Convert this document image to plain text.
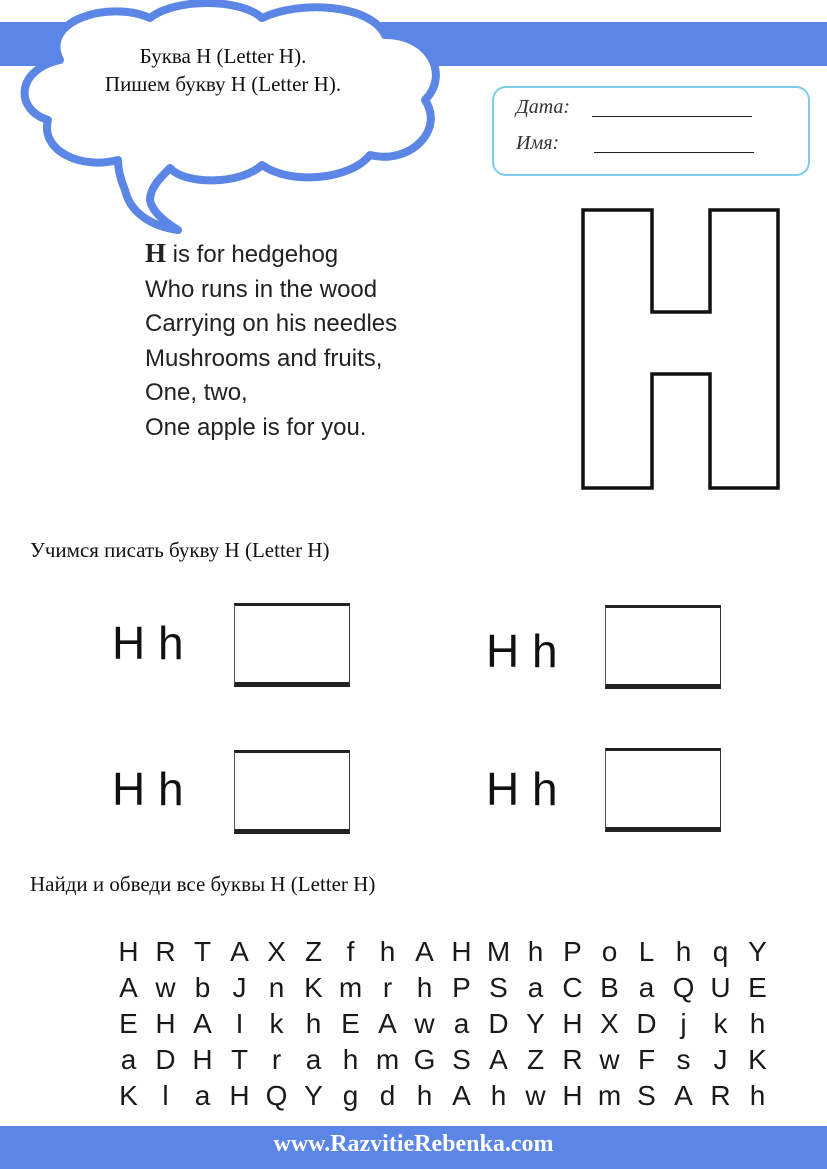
Буква H (Letter H).
Пишем букву H (Letter H).
Дата:
Имя:
H is for hedgehog
Who runs in the wood
Carrying on his needles
Mushrooms and fruits,
One, two,
One apple is for you.
Учимся писать букву H (Letter H)
H h	H h
H h	H h
Найди и обведи все буквы H (Letter H)
H R T A X Z f h A H M h P o L h q Y
A w b J n K m r h P S a C B a Q U E
E H A I k h E A w a D Y H X D j k h
a D H T r a h m G S A Z R w F s J K
K l a H Q Y g d h A h w H m S A R h
www.RazvitieRebenka.com
